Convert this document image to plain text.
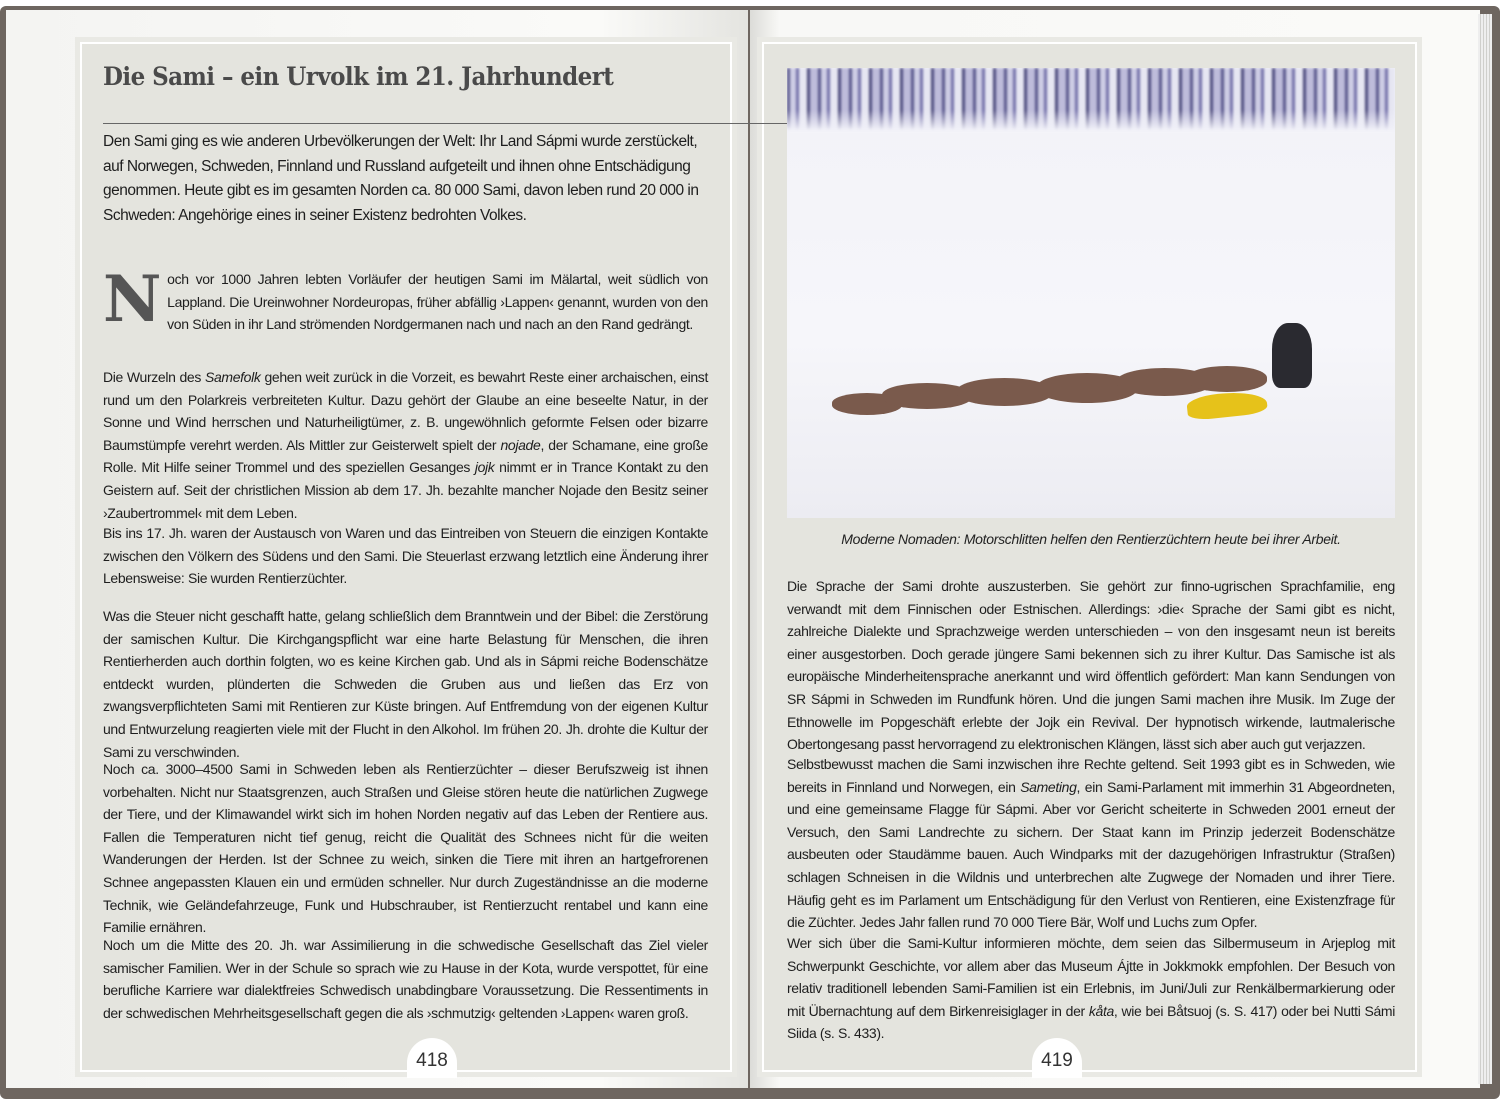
Die Sami – ein Urvolk im 21. Jahrhundert

Den Sami ging es wie anderen Urbevölkerungen der Welt: Ihr Land Sápmi wurde zerstückelt, auf Norwegen, Schweden, Finnland und Russland aufgeteilt und ihnen ohne Entschädigung genommen. Heute gibt es im gesamten Norden ca. 80 000 Sami, davon leben rund 20 000 in Schweden: Angehörige eines in seiner Existenz bedrohten Volkes.

Noch vor 1000 Jahren lebten Vorläufer der heutigen Sami im Mälartal, weit südlich von Lappland. Die Ureinwohner Nordeuropas, früher abfällig ›Lappen‹ genannt, wurden von den von Süden in ihr Land strömenden Nordgermanen nach und nach an den Rand gedrängt.

Die Wurzeln des Samefolk gehen weit zurück in die Vorzeit, es bewahrt Reste einer archaischen, einst rund um den Polarkreis verbreiteten Kultur. Dazu gehört der Glaube an eine beseelte Natur, in der Sonne und Wind herrschen und Naturheiligtümer, z. B. ungewöhnlich geformte Felsen oder bizarre Baumstümpfe verehrt werden. Als Mittler zur Geisterwelt spielt der nojade, der Schamane, eine große Rolle. Mit Hilfe seiner Trommel und des speziellen Gesanges jojk nimmt er in Trance Kontakt zu den Geistern auf. Seit der christlichen Mission ab dem 17. Jh. bezahlte mancher Nojade den Besitz seiner ›Zaubertrommel‹ mit dem Leben.

Bis ins 17. Jh. waren der Austausch von Waren und das Eintreiben von Steuern die einzigen Kontakte zwischen den Völkern des Südens und den Sami. Die Steuerlast erzwang letztlich eine Änderung ihrer Lebensweise: Sie wurden Rentierzüchter.

Was die Steuer nicht geschafft hatte, gelang schließlich dem Branntwein und der Bibel: die Zerstörung der samischen Kultur. Die Kirchgangspflicht war eine harte Belastung für Menschen, die ihren Rentierherden auch dorthin folgten, wo es keine Kirchen gab. Und als in Sápmi reiche Bodenschätze entdeckt wurden, plünderten die Schweden die Gruben aus und ließen das Erz von zwangsverpflichteten Sami mit Rentieren zur Küste bringen. Auf Entfremdung von der eigenen Kultur und Entwurzelung reagierten viele mit der Flucht in den Alkohol. Im frühen 20. Jh. drohte die Kultur der Sami zu verschwinden.

Noch ca. 3000–4500 Sami in Schweden leben als Rentierzüchter – dieser Berufszweig ist ihnen vorbehalten. Nicht nur Staatsgrenzen, auch Straßen und Gleise stören heute die natürlichen Zugwege der Tiere, und der Klimawandel wirkt sich im hohen Norden negativ auf das Leben der Rentiere aus. Fallen die Temperaturen nicht tief genug, reicht die Qualität des Schnees nicht für die weiten Wanderungen der Herden. Ist der Schnee zu weich, sinken die Tiere mit ihren an hartgefrorenen Schnee angepassten Klauen ein und ermüden schneller. Nur durch Zugeständnisse an die moderne Technik, wie Geländefahrzeuge, Funk und Hubschrauber, ist Rentierzucht rentabel und kann eine Familie ernähren.

Noch um die Mitte des 20. Jh. war Assimilierung in die schwedische Gesellschaft das Ziel vieler samischer Familien. Wer in der Schule so sprach wie zu Hause in der Kota, wurde verspottet, für eine berufliche Karriere war dialektfreies Schwedisch unabdingbare Voraussetzung. Die Ressentiments in der schwedischen Mehrheitsgesellschaft gegen die als ›schmutzig‹ geltenden ›Lappen‹ waren groß.

418

Moderne Nomaden: Motorschlitten helfen den Rentierzüchtern heute bei ihrer Arbeit.

Die Sprache der Sami drohte auszusterben. Sie gehört zur finno-ugrischen Sprachfamilie, eng verwandt mit dem Finnischen oder Estnischen. Allerdings: ›die‹ Sprache der Sami gibt es nicht, zahlreiche Dialekte und Sprachzweige werden unterschieden – von den insgesamt neun ist bereits einer ausgestorben. Doch gerade jüngere Sami bekennen sich zu ihrer Kultur. Das Samische ist als europäische Minderheitensprache anerkannt und wird öffentlich gefördert: Man kann Sendungen von SR Sápmi in Schweden im Rundfunk hören. Und die jungen Sami machen ihre Musik. Im Zuge der Ethnowelle im Popgeschäft erlebte der Jojk ein Revival. Der hypnotisch wirkende, lautmalerische Obertongesang passt hervorragend zu elektronischen Klängen, lässt sich aber auch gut verjazzen.

Selbstbewusst machen die Sami inzwischen ihre Rechte geltend. Seit 1993 gibt es in Schweden, wie bereits in Finnland und Norwegen, ein Sameting, ein Sami-Parlament mit immerhin 31 Abgeordneten, und eine gemeinsame Flagge für Sápmi. Aber vor Gericht scheiterte in Schweden 2001 erneut der Versuch, den Sami Landrechte zu sichern. Der Staat kann im Prinzip jederzeit Bodenschätze ausbeuten oder Staudämme bauen. Auch Windparks mit der dazugehörigen Infrastruktur (Straßen) schlagen Schneisen in die Wildnis und unterbrechen alte Zugwege der Nomaden und ihrer Tiere. Häufig geht es im Parlament um Entschädigung für den Verlust von Rentieren, eine Existenzfrage für die Züchter. Jedes Jahr fallen rund 70 000 Tiere Bär, Wolf und Luchs zum Opfer.

Wer sich über die Sami-Kultur informieren möchte, dem seien das Silbermuseum in Arjeplog mit Schwerpunkt Geschichte, vor allem aber das Museum Ájtte in Jokkmokk empfohlen. Der Besuch von relativ traditionell lebenden Sami-Familien ist ein Erlebnis, im Juni/Juli zur Renkälbermarkierung oder mit Übernachtung auf dem Birkenreisiglager in der kåta, wie bei Båtsuoj (s. S. 417) oder bei Nutti Sámi Siida (s. S. 433).

419
